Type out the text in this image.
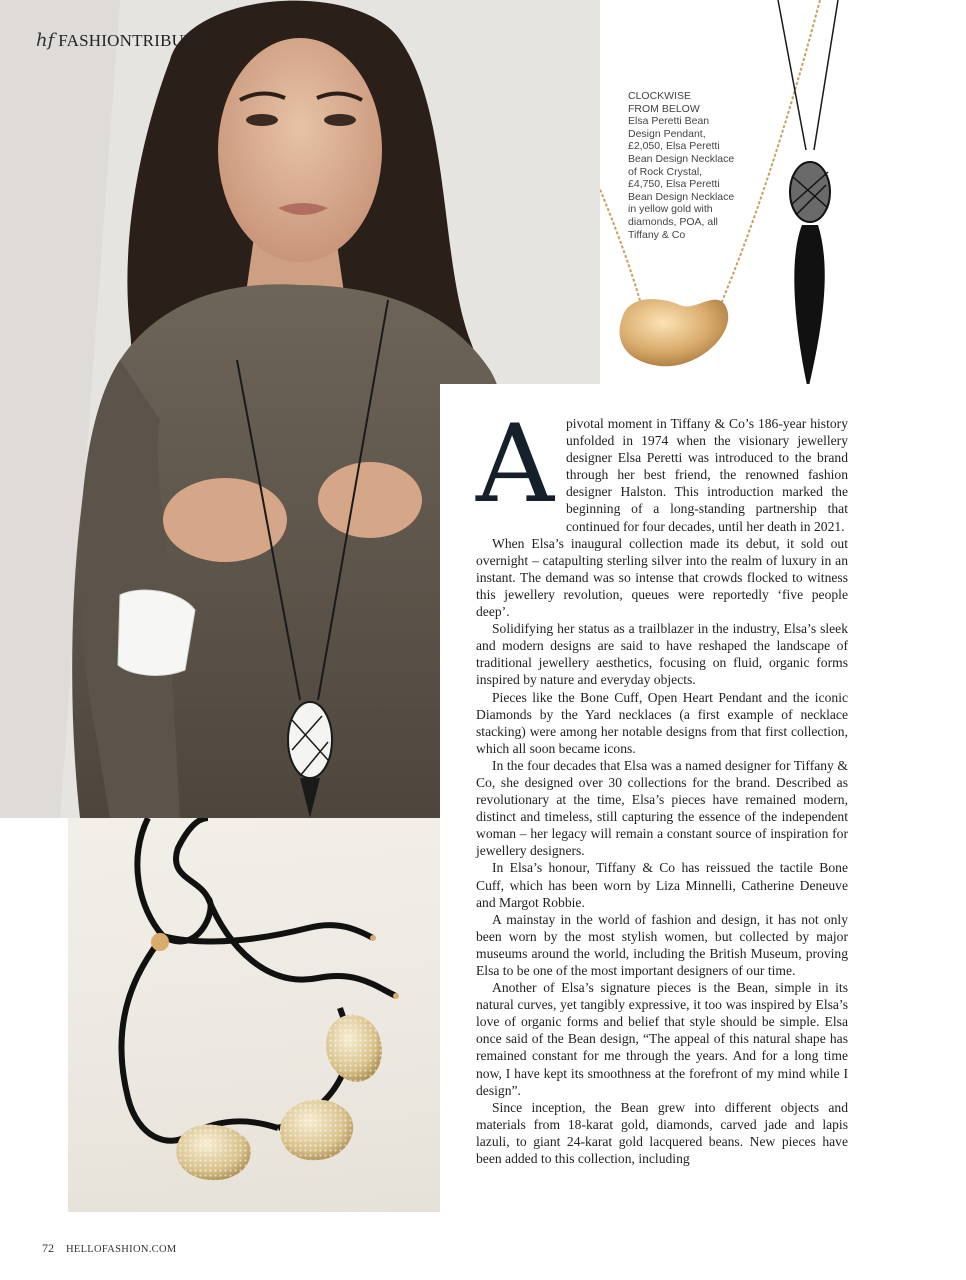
hf FASHIONTRIBUTE
CLOCKWISE
FROM BELOW
Elsa Peretti Bean Design Pendant, £2,050, Elsa Peretti Bean Design Necklace of Rock Crystal, £4,750, Elsa Peretti Bean Design Necklace in yellow gold with diamonds, POA, all Tiffany & Co

A pivotal moment in Tiffany & Co’s 186-year history unfolded in 1974 when the visionary jewellery designer Elsa Peretti was introduced to the brand through her best friend, the renowned fashion designer Halston. This introduction marked the beginning of a long-standing partnership that continued for four decades, until her death in 2021.

When Elsa’s inaugural collection made its debut, it sold out overnight – catapulting sterling silver into the realm of luxury in an instant. The demand was so intense that crowds flocked to witness this jewellery revolution, queues were reportedly ‘five people deep’.

Solidifying her status as a trailblazer in the industry, Elsa’s sleek and modern designs are said to have reshaped the landscape of traditional jewellery aesthetics, focusing on fluid, organic forms inspired by nature and everyday objects.

Pieces like the Bone Cuff, Open Heart Pendant and the iconic Diamonds by the Yard necklaces (a first example of necklace stacking) were among her notable designs from that first collection, which all soon became icons.

In the four decades that Elsa was a named designer for Tiffany & Co, she designed over 30 collections for the brand. Described as revolutionary at the time, Elsa’s pieces have remained modern, distinct and timeless, still capturing the essence of the independent woman – her legacy will remain a constant source of inspiration for jewellery designers.

In Elsa’s honour, Tiffany & Co has reissued the tactile Bone Cuff, which has been worn by Liza Minnelli, Catherine Deneuve and Margot Robbie.

A mainstay in the world of fashion and design, it has not only been worn by the most stylish women, but collected by major museums around the world, including the British Museum, proving Elsa to be one of the most important designers of our time.

Another of Elsa’s signature pieces is the Bean, simple in its natural curves, yet tangibly expressive, it too was inspired by Elsa’s love of organic forms and belief that style should be simple. Elsa once said of the Bean design, “The appeal of this natural shape has remained constant for me through the years. And for a long time now, I have kept its smoothness at the forefront of my mind while I design”.

Since inception, the Bean grew into different objects and materials from 18-karat gold, diamonds, carved jade and lapis lazuli, to giant 24-karat gold lacquered beans. New pieces have been added to this collection, including

72 HELLOFASHION.COM
